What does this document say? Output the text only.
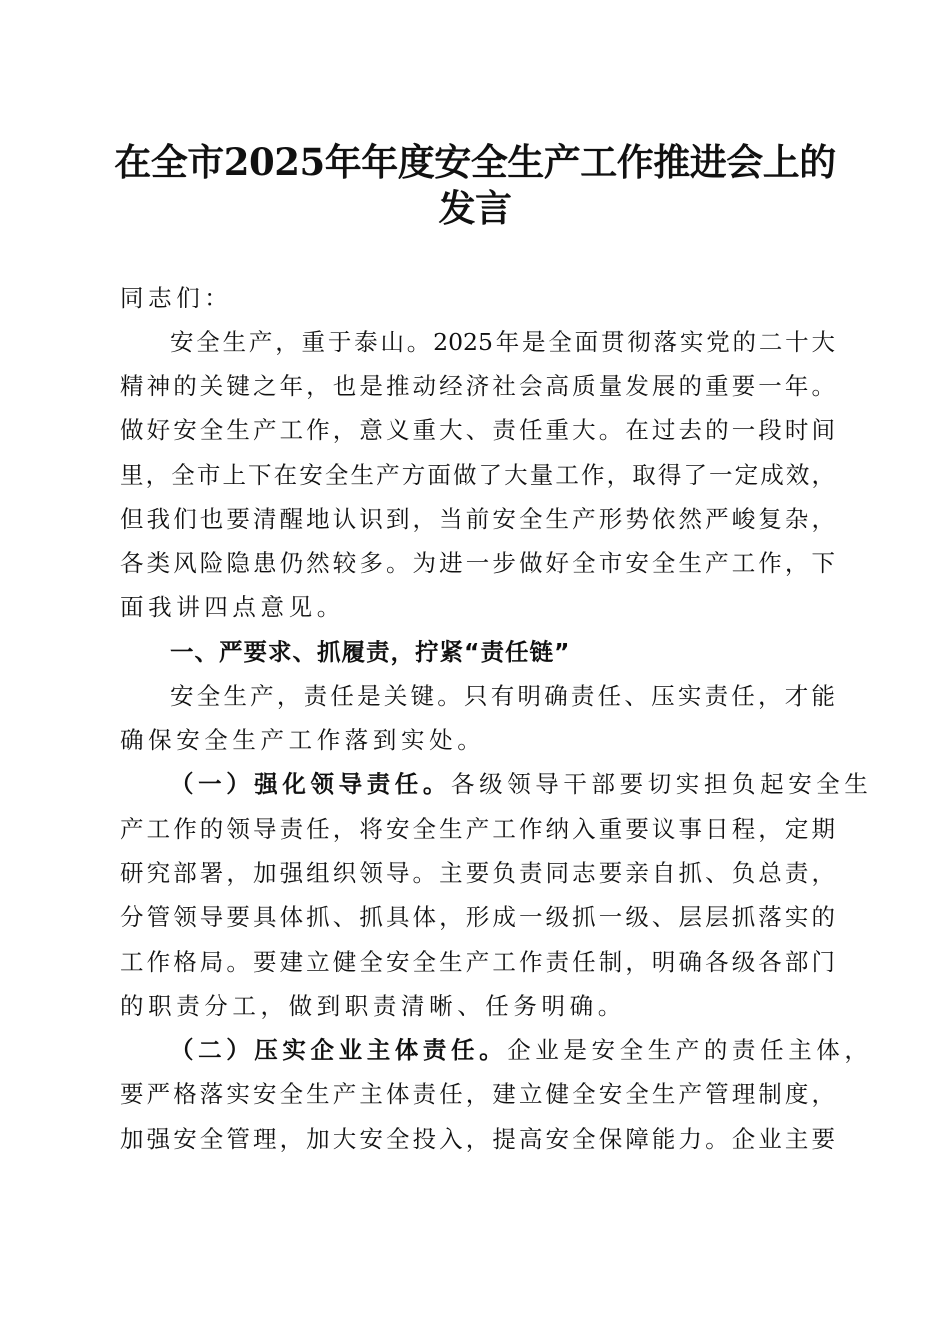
在全市2025年年度安全生产工作推进会上的
发言
同志们：
安全生产，重于泰山。2025年是全面贯彻落实党的二十大
精神的关键之年，也是推动经济社会高质量发展的重要一年。
做好安全生产工作，意义重大、责任重大。在过去的一段时间
里，全市上下在安全生产方面做了大量工作，取得了一定成效，
但我们也要清醒地认识到，当前安全生产形势依然严峻复杂，
各类风险隐患仍然较多。为进一步做好全市安全生产工作，下
面我讲四点意见。
一、严要求、抓履责，拧紧“责任链”
安全生产，责任是关键。只有明确责任、压实责任，才能
确保安全生产工作落到实处。
（一）强化领导责任。各级领导干部要切实担负起安全生
产工作的领导责任，将安全生产工作纳入重要议事日程，定期
研究部署，加强组织领导。主要负责同志要亲自抓、负总责，
分管领导要具体抓、抓具体，形成一级抓一级、层层抓落实的
工作格局。要建立健全安全生产工作责任制，明确各级各部门
的职责分工，做到职责清晰、任务明确。
（二）压实企业主体责任。企业是安全生产的责任主体，
要严格落实安全生产主体责任，建立健全安全生产管理制度，
加强安全管理，加大安全投入，提高安全保障能力。企业主要
